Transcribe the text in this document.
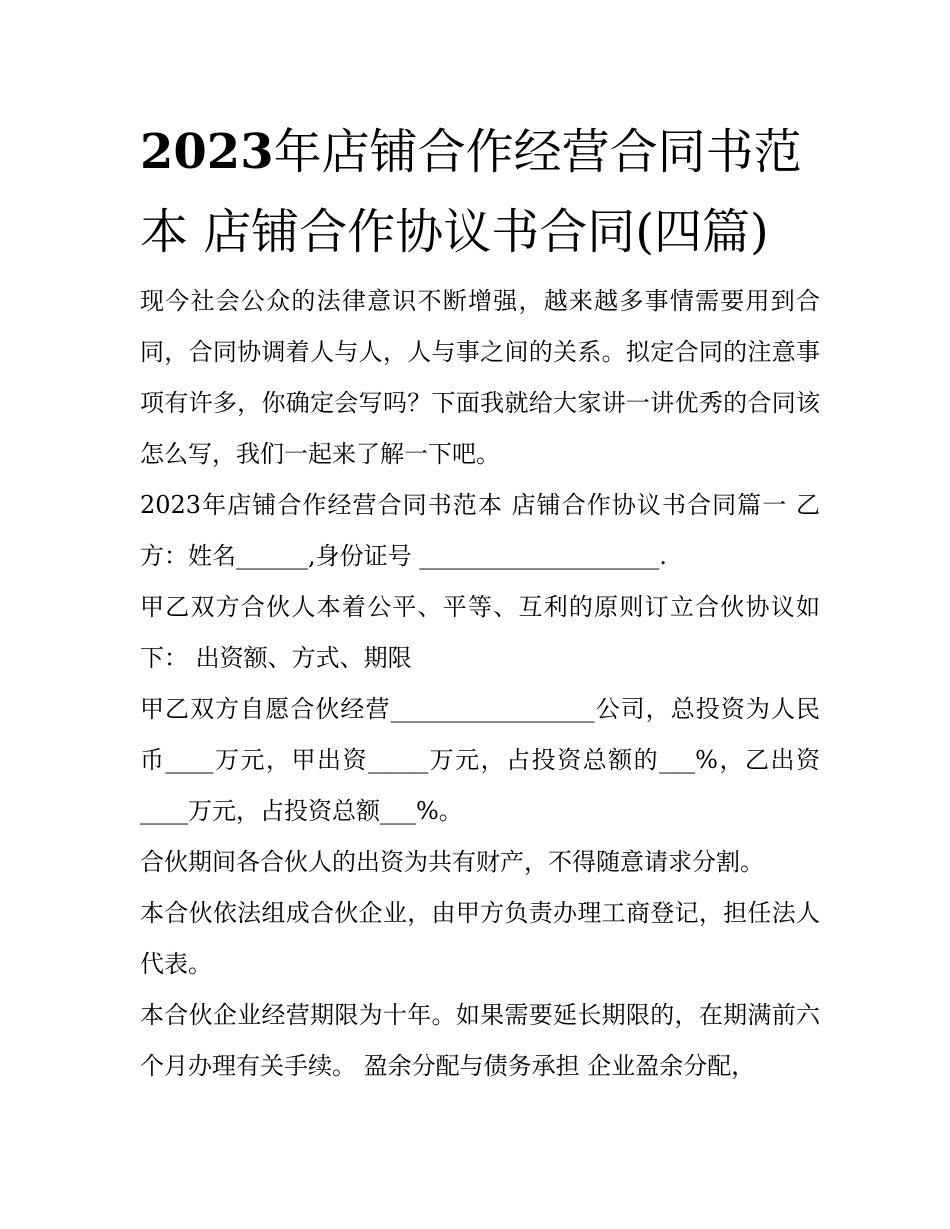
2023年店铺合作经营合同书范本 店铺合作协议书合同(四篇)

现今社会公众的法律意识不断增强，越来越多事情需要用到合同，合同协调着人与人，人与事之间的关系。拟定合同的注意事项有许多，你确定会写吗？下面我就给大家讲一讲优秀的合同该怎么写，我们一起来了解一下吧。

2023年店铺合作经营合同书范本 店铺合作协议书合同篇一 乙方：姓名______,身份证号 ____________________.

甲乙双方合伙人本着公平、平等、互利的原则订立合伙协议如下： 出资额、方式、期限

甲乙双方自愿合伙经营_________________公司，总投资为人民币____万元，甲出资_____万元，占投资总额的___%，乙出资____万元，占投资总额___%。

合伙期间各合伙人的出资为共有财产，不得随意请求分割。

本合伙依法组成合伙企业，由甲方负责办理工商登记，担任法人代表。

本合伙企业经营期限为十年。如果需要延长期限的，在期满前六个月办理有关手续。 盈余分配与债务承担 企业盈余分配，
